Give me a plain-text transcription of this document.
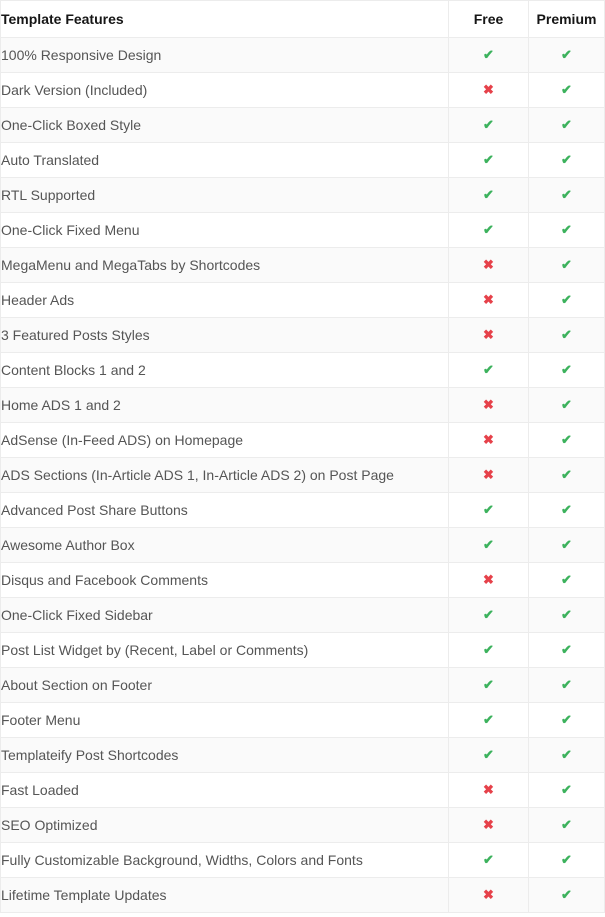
Template Features	Free	Premium
100% Responsive Design	✔	✔
Dark Version (Included)	✖	✔
One-Click Boxed Style	✔	✔
Auto Translated	✔	✔
RTL Supported	✔	✔
One-Click Fixed Menu	✔	✔
MegaMenu and MegaTabs by Shortcodes	✖	✔
Header Ads	✖	✔
3 Featured Posts Styles	✖	✔
Content Blocks 1 and 2	✔	✔
Home ADS 1 and 2	✖	✔
AdSense (In-Feed ADS) on Homepage	✖	✔
ADS Sections (In-Article ADS 1, In-Article ADS 2) on Post Page	✖	✔
Advanced Post Share Buttons	✔	✔
Awesome Author Box	✔	✔
Disqus and Facebook Comments	✖	✔
One-Click Fixed Sidebar	✔	✔
Post List Widget by (Recent, Label or Comments)	✔	✔
About Section on Footer	✔	✔
Footer Menu	✔	✔
Templateify Post Shortcodes	✔	✔
Fast Loaded	✖	✔
SEO Optimized	✖	✔
Fully Customizable Background, Widths, Colors and Fonts	✔	✔
Lifetime Template Updates	✖	✔
